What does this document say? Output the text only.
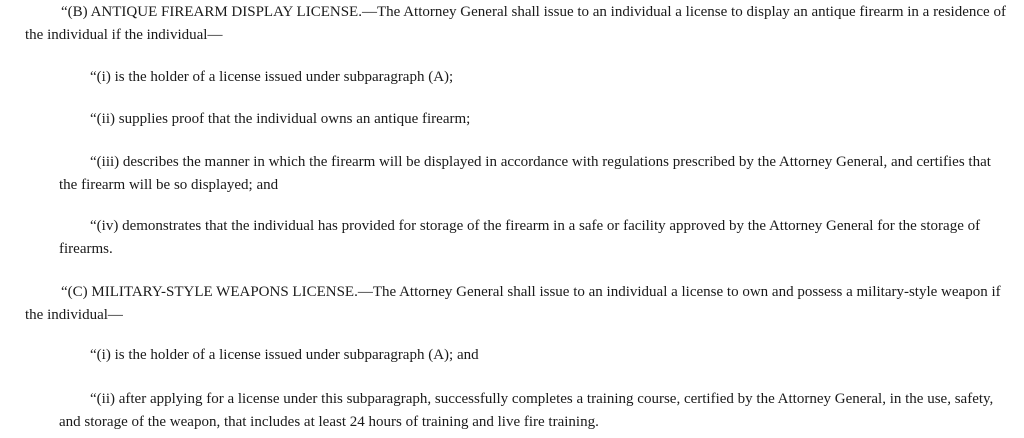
“(B) ANTIQUE FIREARM DISPLAY LICENSE.—The Attorney General shall issue to an individual a license to display an antique firearm in a residence of the individual if the individual—

“(i) is the holder of a license issued under subparagraph (A);

“(ii) supplies proof that the individual owns an antique firearm;

“(iii) describes the manner in which the firearm will be displayed in accordance with regulations prescribed by the Attorney General, and certifies that the firearm will be so displayed; and

“(iv) demonstrates that the individual has provided for storage of the firearm in a safe or facility approved by the Attorney General for the storage of firearms.

“(C) MILITARY-STYLE WEAPONS LICENSE.—The Attorney General shall issue to an individual a license to own and possess a military-style weapon if the individual—

“(i) is the holder of a license issued under subparagraph (A); and

“(ii) after applying for a license under this subparagraph, successfully completes a training course, certified by the Attorney General, in the use, safety, and storage of the weapon, that includes at least 24 hours of training and live fire training.
